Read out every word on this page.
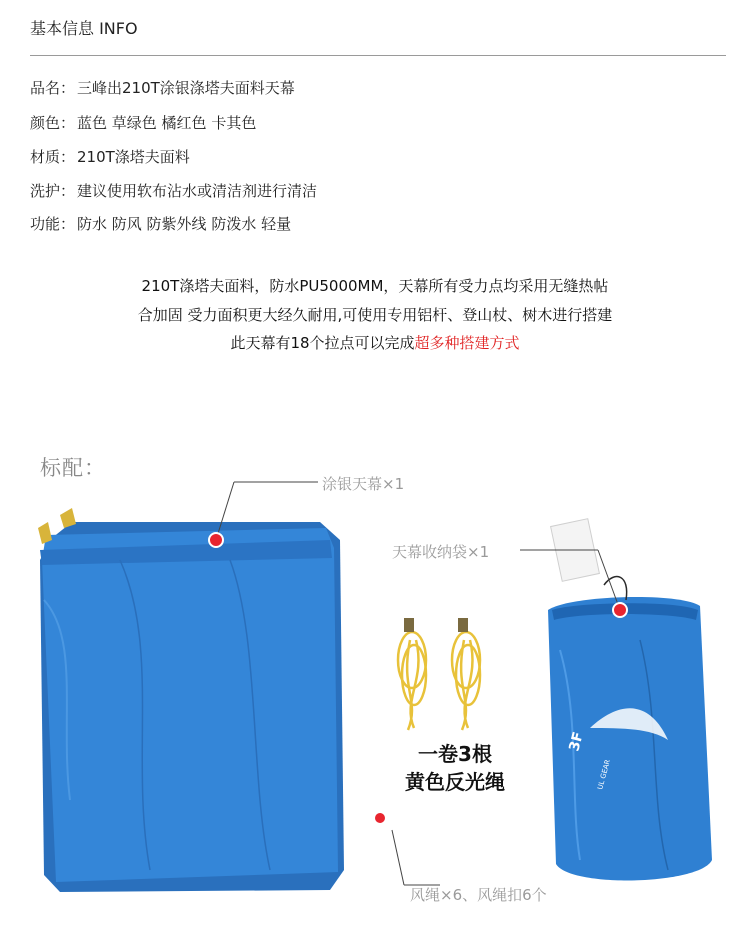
基本信息 INFO
品名： 三峰出210T涂银涤塔夫面料天幕
颜色： 蓝色 草绿色 橘红色 卡其色
材质： 210T涤塔夫面料
洗护： 建议使用软布沾水或清洁剂进行清洁
功能： 防水 防风 防紫外线 防泼水 轻量
210T涤塔夫面料，防水PU5000MM，天幕所有受力点均采用无缝热帖
合加固 受力面积更大经久耐用,可使用专用铝杆、登山杖、树木进行搭建
此天幕有18个拉点可以完成超多种搭建方式
标配：
3F
UL GEAR
涂银天幕×1
天幕收纳袋×1
一卷3根
黄色反光绳
风绳×6、风绳扣6个
